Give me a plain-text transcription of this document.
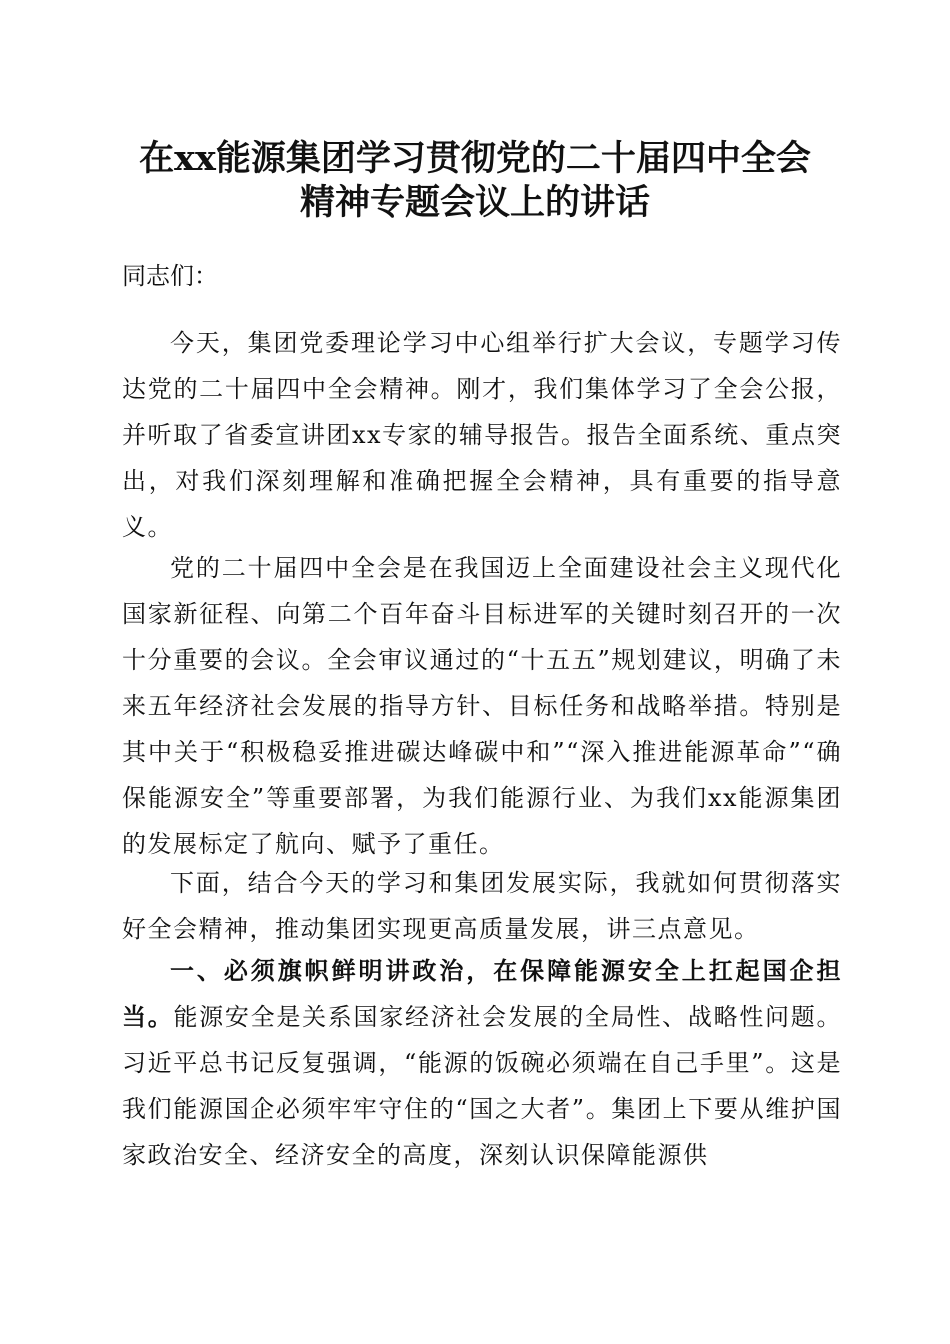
在xx能源集团学习贯彻党的二十届四中全会
精神专题会议上的讲话
同志们：

今天，集团党委理论学习中心组举行扩大会议，专题学习传达党的二十届四中全会精神。刚才，我们集体学习了全会公报，并听取了省委宣讲团xx专家的辅导报告。报告全面系统、重点突出，对我们深刻理解和准确把握全会精神，具有重要的指导意义。

党的二十届四中全会是在我国迈上全面建设社会主义现代化国家新征程、向第二个百年奋斗目标进军的关键时刻召开的一次十分重要的会议。全会审议通过的“十五五”规划建议，明确了未来五年经济社会发展的指导方针、目标任务和战略举措。特别是其中关于“积极稳妥推进碳达峰碳中和”“深入推进能源革命”“确保能源安全”等重要部署，为我们能源行业、为我们xx能源集团的发展标定了航向、赋予了重任。

下面，结合今天的学习和集团发展实际，我就如何贯彻落实好全会精神，推动集团实现更高质量发展，讲三点意见。

一、必须旗帜鲜明讲政治，在保障能源安全上扛起国企担当。能源安全是关系国家经济社会发展的全局性、战略性问题。习近平总书记反复强调，“能源的饭碗必须端在自己手里”。这是我们能源国企必须牢牢守住的“国之大者”。集团上下要从维护国家政治安全、经济安全的高度，深刻认识保障能源供
